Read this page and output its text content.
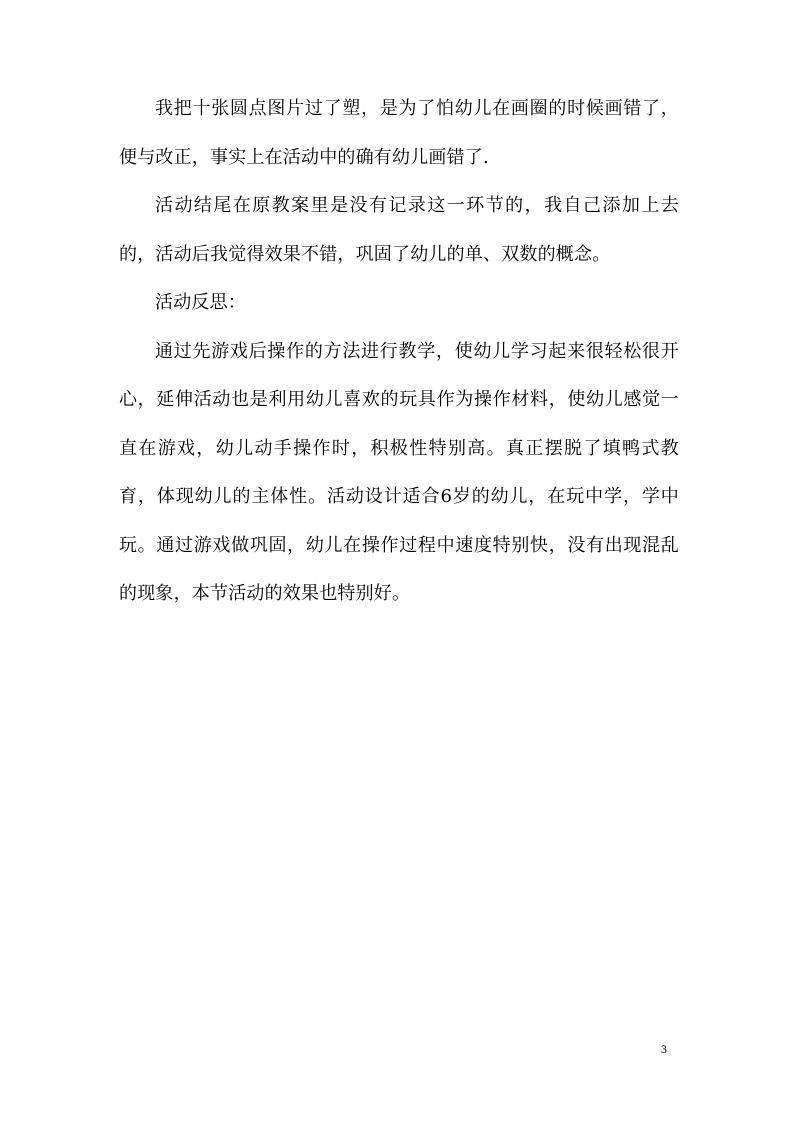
我把十张圆点图片过了塑，是为了怕幼儿在画圈的时候画错了，便与改正，事实上在活动中的确有幼儿画错了.

活动结尾在原教案里是没有记录这一环节的，我自己添加上去的，活动后我觉得效果不错，巩固了幼儿的单、双数的概念。

活动反思：

通过先游戏后操作的方法进行教学，使幼儿学习起来很轻松很开心，延伸活动也是利用幼儿喜欢的玩具作为操作材料，使幼儿感觉一直在游戏，幼儿动手操作时，积极性特别高。真正摆脱了填鸭式教育，体现幼儿的主体性。活动设计适合6岁的幼儿，在玩中学，学中玩。通过游戏做巩固，幼儿在操作过程中速度特别快，没有出现混乱的现象，本节活动的效果也特别好。

3
